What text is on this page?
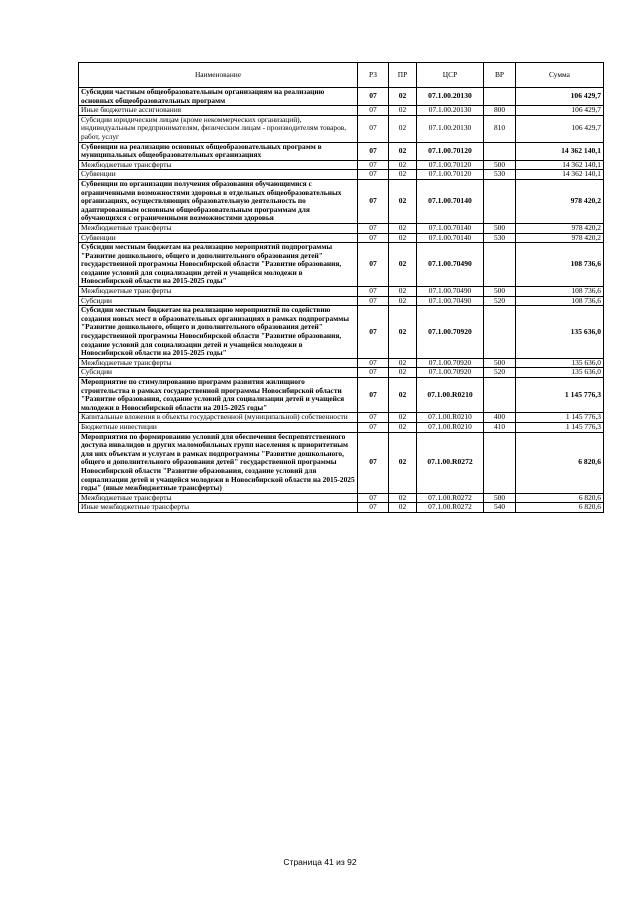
Наименование	РЗ	ПР	ЦСР	ВР	Сумма
Субсидии частным общеобразовательным организациям на реализацию основных общеобразовательных программ	07	02	07.1.00.20130		106 429,7
Иные бюджетные ассигнования	07	02	07.1.00.20130	800	106 429,7
Субсидии юридическим лицам (кроме некоммерческих организаций), индивидуальным предпринимателям, физическим лицам - производителям товаров, работ, услуг	07	02	07.1.00.20130	810	106 429,7
Субвенции на реализацию основных общеобразовательных программ в муниципальных общеобразовательных организациях	07	02	07.1.00.70120		14 362 140,1
Межбюджетные трансферты	07	02	07.1.00.70120	500	14 362 140,1
Субвенции	07	02	07.1.00.70120	530	14 362 140,1
Субвенции по организации получения образования обучающимися с ограниченными возможностями здоровья в отдельных общеобразовательных организациях, осуществляющих образовательную деятельность по адаптированным основным общеобразовательным программам для обучающихся с ограниченными возможностями здоровья	07	02	07.1.00.70140		978 420,2
Межбюджетные трансферты	07	02	07.1.00.70140	500	978 420,2
Субвенции	07	02	07.1.00.70140	530	978 420,2
Субсидии местным бюджетам на реализацию мероприятий подпрограммы "Развитие дошкольного, общего и дополнительного образования детей" государственной программы Новосибирской области "Развитие образования, создание условий для социализации детей и учащейся молодежи в Новосибирской области на 2015-2025 годы"	07	02	07.1.00.70490		108 736,6
Межбюджетные трансферты	07	02	07.1.00.70490	500	108 736,6
Субсидии	07	02	07.1.00.70490	520	108 736,6
Субсидии местным бюджетам на реализацию мероприятий по содействию создания новых мест в образовательных организациях в рамках подпрограммы "Развитие дошкольного, общего и дополнительного образования детей" государственной программы Новосибирской области "Развитие образования, создание условий для социализации детей и учащейся молодежи в Новосибирской области на 2015-2025 годы"	07	02	07.1.00.70920		135 636,0
Межбюджетные трансферты	07	02	07.1.00.70920	500	135 636,0
Субсидии	07	02	07.1.00.70920	520	135 636,0
Мероприятие по стимулированию программ развития жилищного строительства в рамках государственной программы Новосибирской области "Развитие образования, создание условий для социализации детей и учащейся молодежи в Новосибирской области на 2015-2025 годы"	07	02	07.1.00.R0210		1 145 776,3
Капитальные вложения в объекты государственной (муниципальной) собственности	07	02	07.1.00.R0210	400	1 145 776,3
Бюджетные инвестиции	07	02	07.1.00.R0210	410	1 145 776,3
Мероприятия по формированию условий для обеспечения беспрепятственного доступа инвалидов и других маломобильных групп населения к приоритетным для них объектам и услугам в рамках подпрограммы "Развитие дошкольного, общего и дополнительного образования детей" государственной программы Новосибирской области "Развитие образования, создание условий для социализации детей и учащейся молодежи в Новосибирской области на 2015-2025 годы" (иные межбюджетные трансферты)	07	02	07.1.00.R0272		6 820,6
Межбюджетные трансферты	07	02	07.1.00.R0272	500	6 820,6
Иные межбюджетные трансферты	07	02	07.1.00.R0272	540	6 820,6
Страница 41 из 92
